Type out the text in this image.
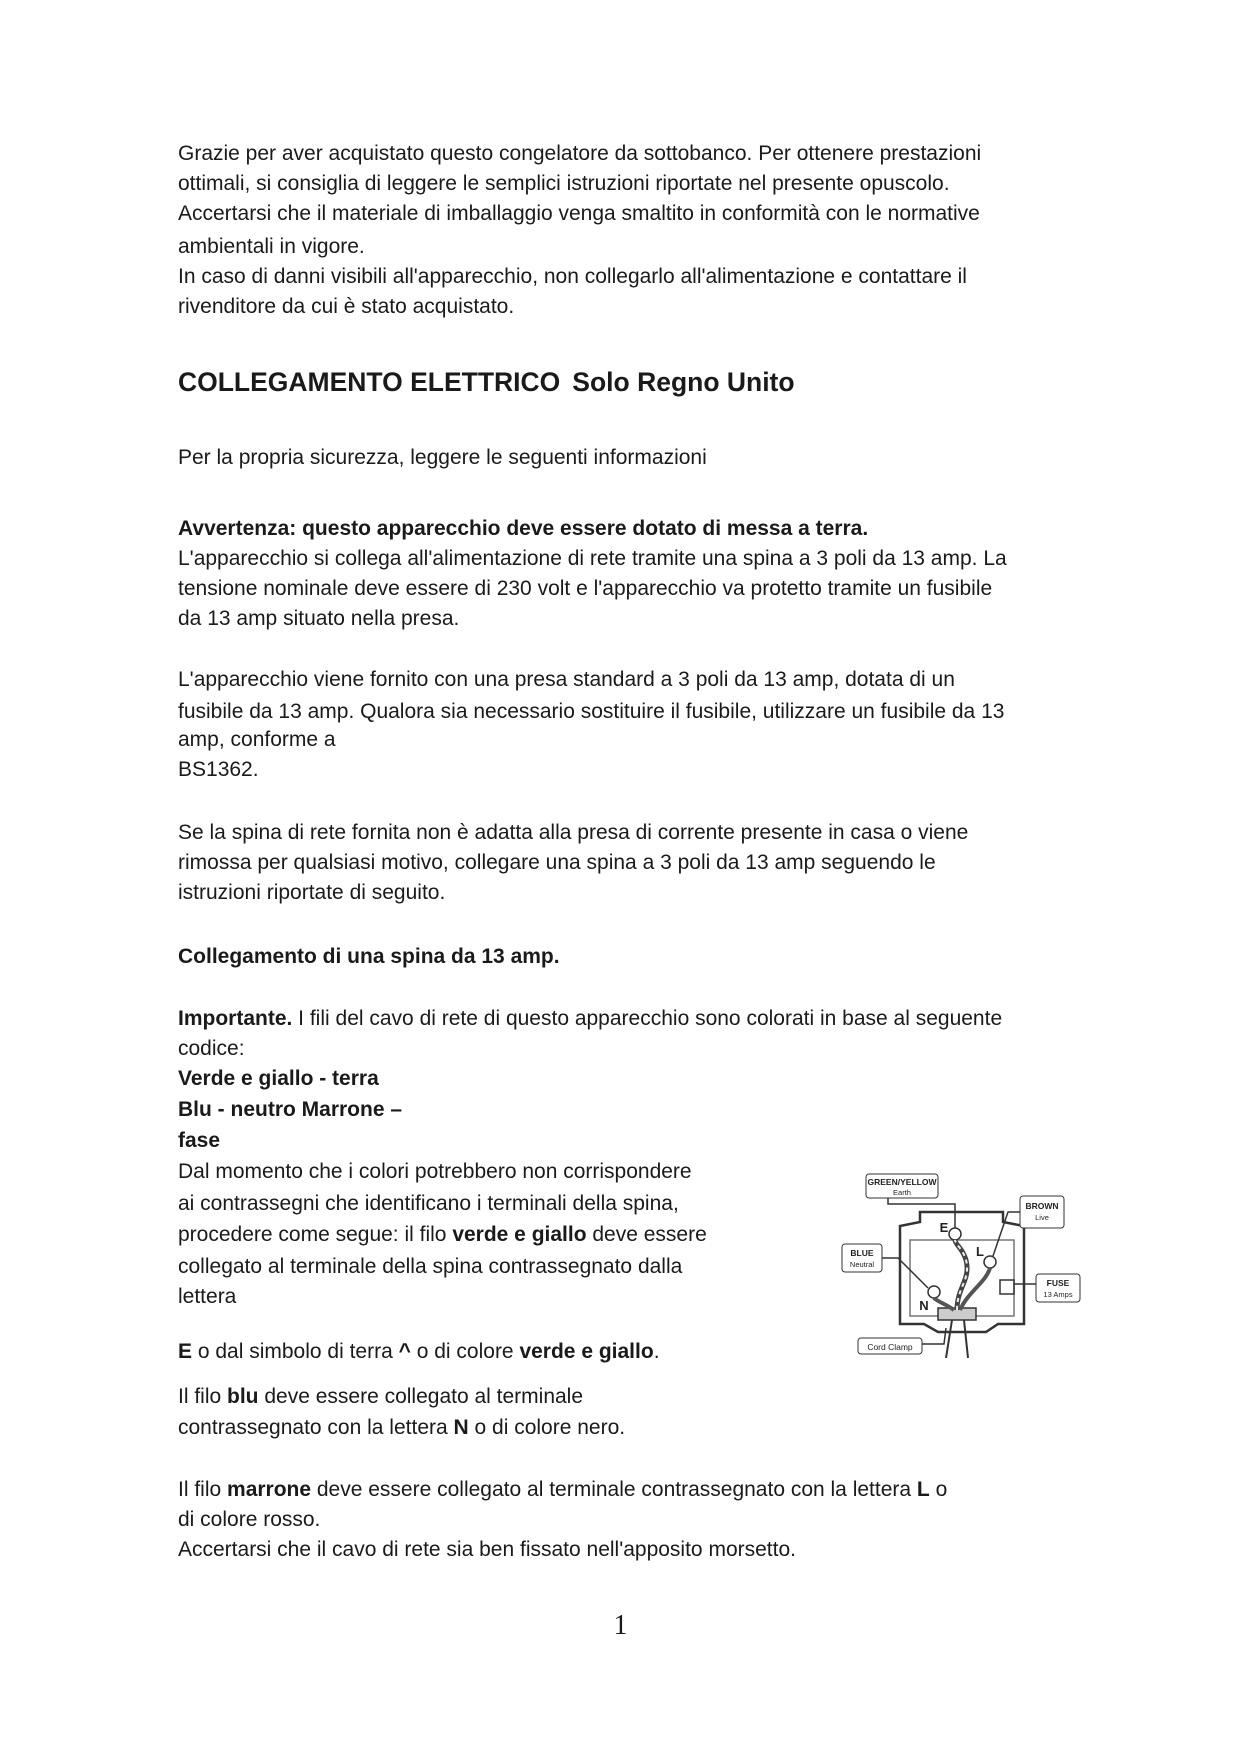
Grazie per aver acquistato questo congelatore da sottobanco. Per ottenere prestazioni

ottimali, si consiglia di leggere le semplici istruzioni riportate nel presente opuscolo.

Accertarsi che il materiale di imballaggio venga smaltito in conformità con le normative

ambientali in vigore.

In caso di danni visibili all'apparecchio, non collegarlo all'alimentazione e contattare il

rivenditore da cui è stato acquistato.

COLLEGAMENTO ELETTRICO Solo Regno Unito

Per la propria sicurezza, leggere le seguenti informazioni

Avvertenza: questo apparecchio deve essere dotato di messa a terra.

L'apparecchio si collega all'alimentazione di rete tramite una spina a 3 poli da 13 amp. La

tensione nominale deve essere di 230 volt e l'apparecchio va protetto tramite un fusibile

da 13 amp situato nella presa.

L'apparecchio viene fornito con una presa standard a 3 poli da 13 amp, dotata di un

fusibile da 13 amp. Qualora sia necessario sostituire il fusibile, utilizzare un fusibile da 13

amp, conforme a

BS1362.

Se la spina di rete fornita non è adatta alla presa di corrente presente in casa o viene

rimossa per qualsiasi motivo, collegare una spina a 3 poli da 13 amp seguendo le

istruzioni riportate di seguito.

Collegamento di una spina da 13 amp.

Importante. I fili del cavo di rete di questo apparecchio sono colorati in base al seguente

codice:

Verde e giallo - terra

Blu - neutro Marrone –

fase

Dal momento che i colori potrebbero non corrispondere

ai contrassegni che identificano i terminali della spina,

procedere come segue: il filo verde e giallo deve essere

collegato al terminale della spina contrassegnato dalla

lettera

E o dal simbolo di terra ^ o di colore verde e giallo.

Il filo blu deve essere collegato al terminale

contrassegnato con la lettera N o di colore nero.

Il filo marrone deve essere collegato al terminale contrassegnato con la lettera L o

di colore rosso.

Accertarsi che il cavo di rete sia ben fissato nell'apposito morsetto.

GREEN/YELLOW
Earth
BROWN
Live
BLUE
Neutral
FUSE
13 Amps
Cord Clamp
E
L
N
1
